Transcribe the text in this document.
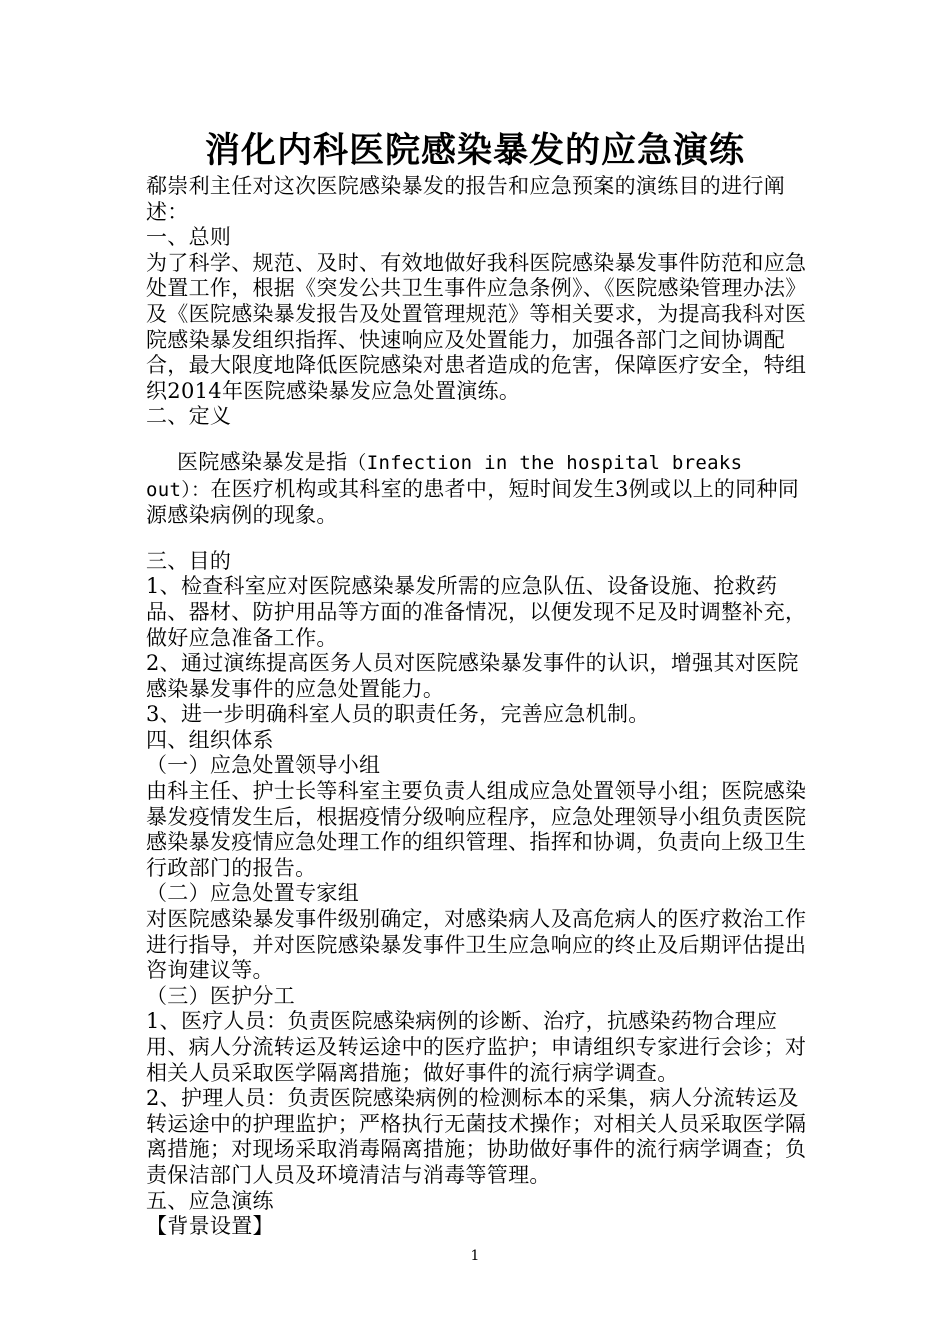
消化内科医院感染暴发的应急演练

郗崇利主任对这次医院感染暴发的报告和应急预案的演练目的进行阐述：

一、总则

为了科学、规范、及时、有效地做好我科医院感染暴发事件防范和应急处置工作，根据《突发公共卫生事件应急条例》、《医院感染管理办法》及《医院感染暴发报告及处置管理规范》等相关要求，为提高我科对医院感染暴发组织指挥、快速响应及处置能力，加强各部门之间协调配合，最大限度地降低医院感染对患者造成的危害，保障医疗安全，特组织2014年医院感染暴发应急处置演练。

二、定义

医院感染暴发是指（Infection in the hospital breaks out）：在医疗机构或其科室的患者中，短时间发生3例或以上的同种同源感染病例的现象。

三、目的

1、检查科室应对医院感染暴发所需的应急队伍、设备设施、抢救药品、器材、防护用品等方面的准备情况，以便发现不足及时调整补充，做好应急准备工作。

2、通过演练提高医务人员对医院感染暴发事件的认识，增强其对医院感染暴发事件的应急处置能力。

3、进一步明确科室人员的职责任务，完善应急机制。

四、组织体系

（一）应急处置领导小组

由科主任、护士长等科室主要负责人组成应急处置领导小组；医院感染暴发疫情发生后，根据疫情分级响应程序，应急处理领导小组负责医院感染暴发疫情应急处理工作的组织管理、指挥和协调，负责向上级卫生行政部门的报告。

（二）应急处置专家组

对医院感染暴发事件级别确定，对感染病人及高危病人的医疗救治工作进行指导，并对医院感染暴发事件卫生应急响应的终止及后期评估提出咨询建议等。

（三）医护分工

1、医疗人员：负责医院感染病例的诊断、治疗，抗感染药物合理应用、病人分流转运及转运途中的医疗监护；申请组织专家进行会诊；对相关人员采取医学隔离措施；做好事件的流行病学调查。

2、护理人员：负责医院感染病例的检测标本的采集，病人分流转运及转运途中的护理监护；严格执行无菌技术操作；对相关人员采取医学隔离措施；对现场采取消毒隔离措施；协助做好事件的流行病学调查；负责保洁部门人员及环境清洁与消毒等管理。

五、应急演练

【背景设置】

1
